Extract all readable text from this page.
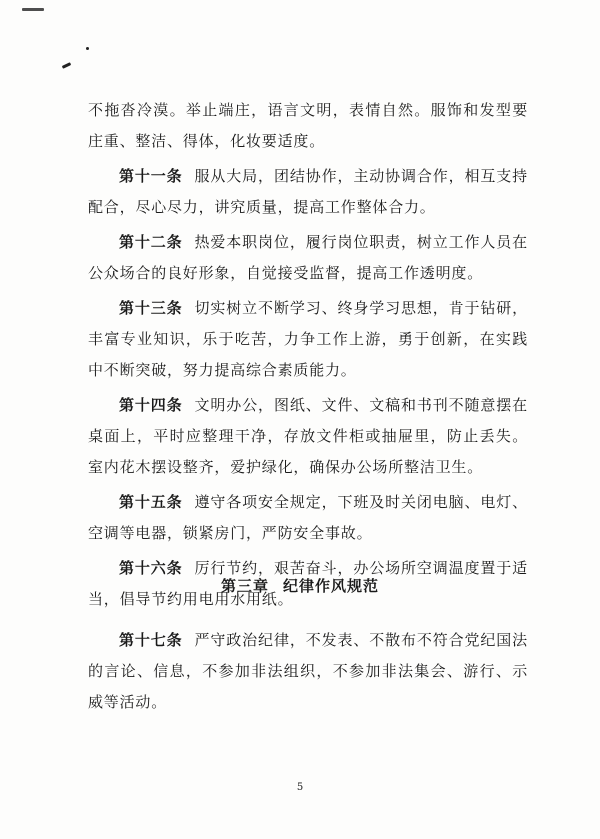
不拖沓冷漠。举止端庄，语言文明，表情自然。服饰和发型要庄重、整洁、得体，化妆要适度。

第十一条 服从大局，团结协作，主动协调合作，相互支持配合，尽心尽力，讲究质量，提高工作整体合力。

第十二条 热爱本职岗位，履行岗位职责，树立工作人员在公众场合的良好形象，自觉接受监督，提高工作透明度。

第十三条 切实树立不断学习、终身学习思想，肯于钻研，丰富专业知识，乐于吃苦，力争工作上游，勇于创新，在实践中不断突破，努力提高综合素质能力。

第十四条 文明办公，图纸、文件、文稿和书刊不随意摆在桌面上，平时应整理干净，存放文件柜或抽屉里，防止丢失。室内花木摆设整齐，爱护绿化，确保办公场所整洁卫生。

第十五条 遵守各项安全规定，下班及时关闭电脑、电灯、空调等电器，锁紧房门，严防安全事故。

第十六条 厉行节约，艰苦奋斗，办公场所空调温度置于适当，倡导节约用电用水用纸。

第三章 纪律作风规范

第十七条 严守政治纪律，不发表、不散布不符合党纪国法的言论、信息，不参加非法组织，不参加非法集会、游行、示威等活动。

5
